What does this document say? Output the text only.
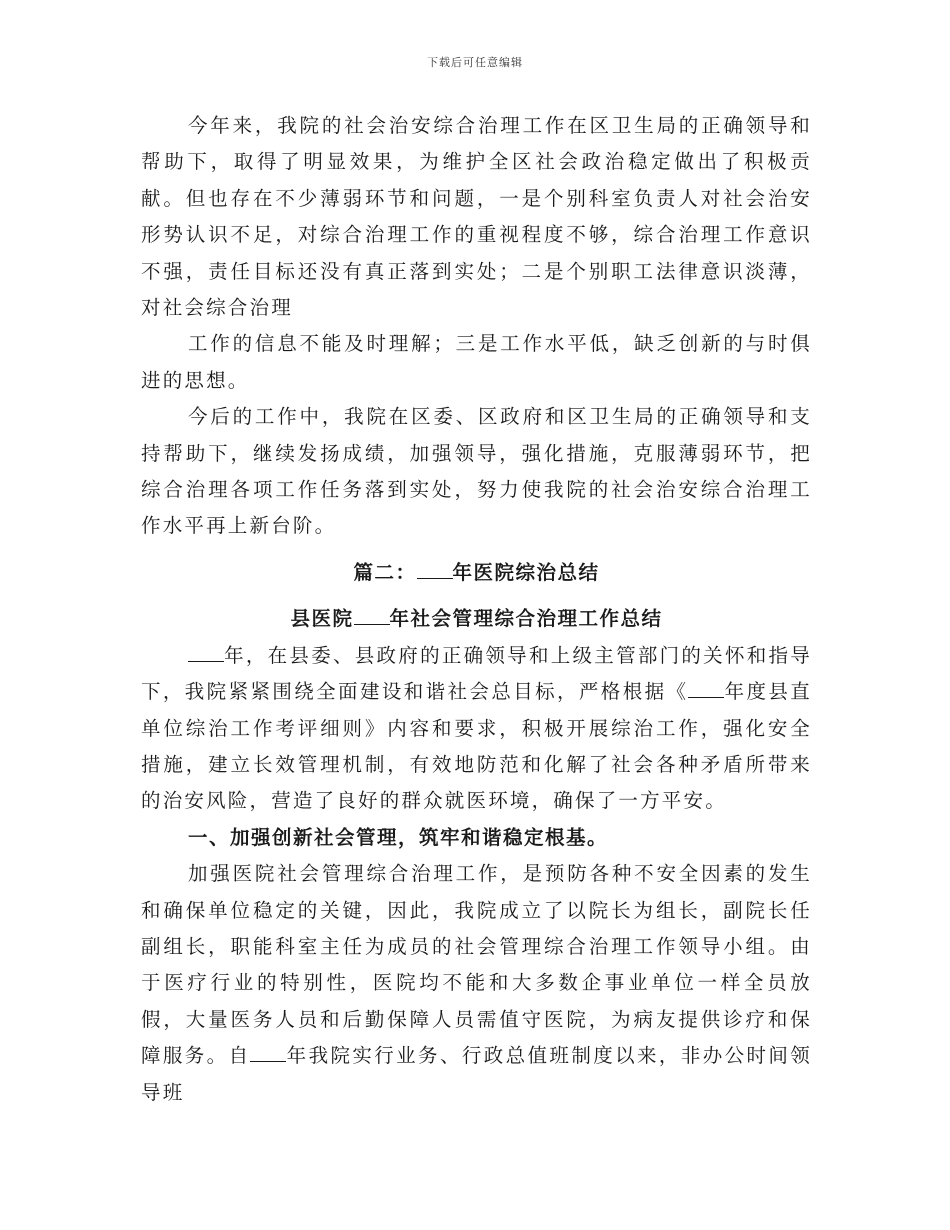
下载后可任意编辑

今年来，我院的社会治安综合治理工作在区卫生局的正确领导和帮助下，取得了明显效果，为维护全区社会政治稳定做出了积极贡献。但也存在不少薄弱环节和问题，一是个别科室负责人对社会治安形势认识不足，对综合治理工作的重视程度不够，综合治理工作意识不强，责任目标还没有真正落到实处；二是个别职工法律意识淡薄，对社会综合治理

工作的信息不能及时理解；三是工作水平低，缺乏创新的与时俱进的思想。

今后的工作中，我院在区委、区政府和区卫生局的正确领导和支持帮助下，继续发扬成绩，加强领导，强化措施，克服薄弱环节，把综合治理各项工作任务落到实处，努力使我院的社会治安综合治理工作水平再上新台阶。

篇二： 年医院综治总结

县医院 年社会管理综合治理工作总结

年，在县委、县政府的正确领导和上级主管部门的关怀和指导下，我院紧紧围绕全面建设和谐社会总目标，严格根据《 年度县直单位综治工作考评细则》内容和要求，积极开展综治工作，强化安全措施，建立长效管理机制，有效地防范和化解了社会各种矛盾所带来的治安风险，营造了良好的群众就医环境，确保了一方平安。

一、加强创新社会管理，筑牢和谐稳定根基。

加强医院社会管理综合治理工作，是预防各种不安全因素的发生和确保单位稳定的关键，因此，我院成立了以院长为组长，副院长任副组长，职能科室主任为成员的社会管理综合治理工作领导小组。由于医疗行业的特别性，医院均不能和大多数企事业单位一样全员放假，大量医务人员和后勤保障人员需值守医院，为病友提供诊疗和保障服务。自 年我院实行业务、行政总值班制度以来，非办公时间领导班
